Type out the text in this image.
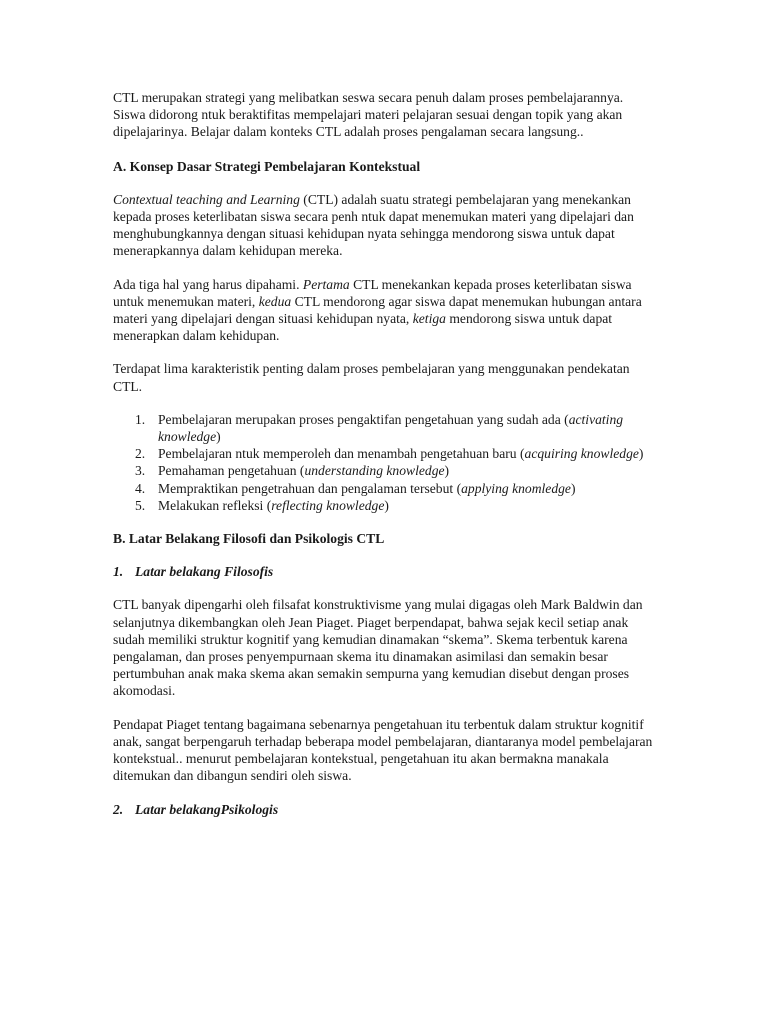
CTL merupakan strategi yang melibatkan seswa secara penuh dalam proses pembelajarannya. Siswa didorong ntuk beraktifitas mempelajari materi pelajaran sesuai dengan topik yang akan dipelajarinya. Belajar dalam konteks CTL adalah proses pengalaman secara langsung..

A. Konsep Dasar Strategi Pembelajaran Kontekstual

Contextual teaching and Learning (CTL) adalah suatu strategi pembelajaran yang menekankan kepada proses keterlibatan siswa secara penh ntuk dapat menemukan materi yang dipelajari dan menghubungkannya dengan situasi kehidupan nyata sehingga mendorong siswa untuk dapat menerapkannya dalam kehidupan mereka.

Ada tiga hal yang harus dipahami. Pertama CTL menekankan kepada proses keterlibatan siswa untuk menemukan materi, kedua CTL mendorong agar siswa dapat menemukan hubungan antara materi yang dipelajari dengan situasi kehidupan nyata, ketiga mendorong siswa untuk dapat menerapkan dalam kehidupan.

Terdapat lima karakteristik penting dalam proses pembelajaran yang menggunakan pendekatan CTL.

1. Pembelajaran merupakan proses pengaktifan pengetahuan yang sudah ada (activating knowledge)
2. Pembelajaran ntuk memperoleh dan menambah pengetahuan baru (acquiring knowledge)
3. Pemahaman pengetahuan (understanding knowledge)
4. Mempraktikan pengetrahuan dan pengalaman tersebut (applying knomledge)
5. Melakukan refleksi (reflecting knowledge)
B. Latar Belakang Filosofi dan Psikologis CTL
1. Latar belakang Filosofis

CTL banyak dipengarhi oleh filsafat konstruktivisme yang mulai digagas oleh Mark Baldwin dan selanjutnya dikembangkan oleh Jean Piaget. Piaget berpendapat, bahwa sejak kecil setiap anak sudah memiliki struktur kognitif yang kemudian dinamakan “skema”. Skema terbentuk karena pengalaman, dan proses penyempurnaan skema itu dinamakan asimilasi dan semakin besar pertumbuhan anak maka skema akan semakin sempurna yang kemudian disebut dengan proses akomodasi.

Pendapat Piaget tentang bagaimana sebenarnya pengetahuan itu terbentuk dalam struktur kognitif anak, sangat berpengaruh terhadap beberapa model pembelajaran, diantaranya model pembelajaran kontekstual.. menurut pembelajaran kontekstual, pengetahuan itu akan bermakna manakala ditemukan dan dibangun sendiri oleh siswa.

2. Latar belakangPsikologis
